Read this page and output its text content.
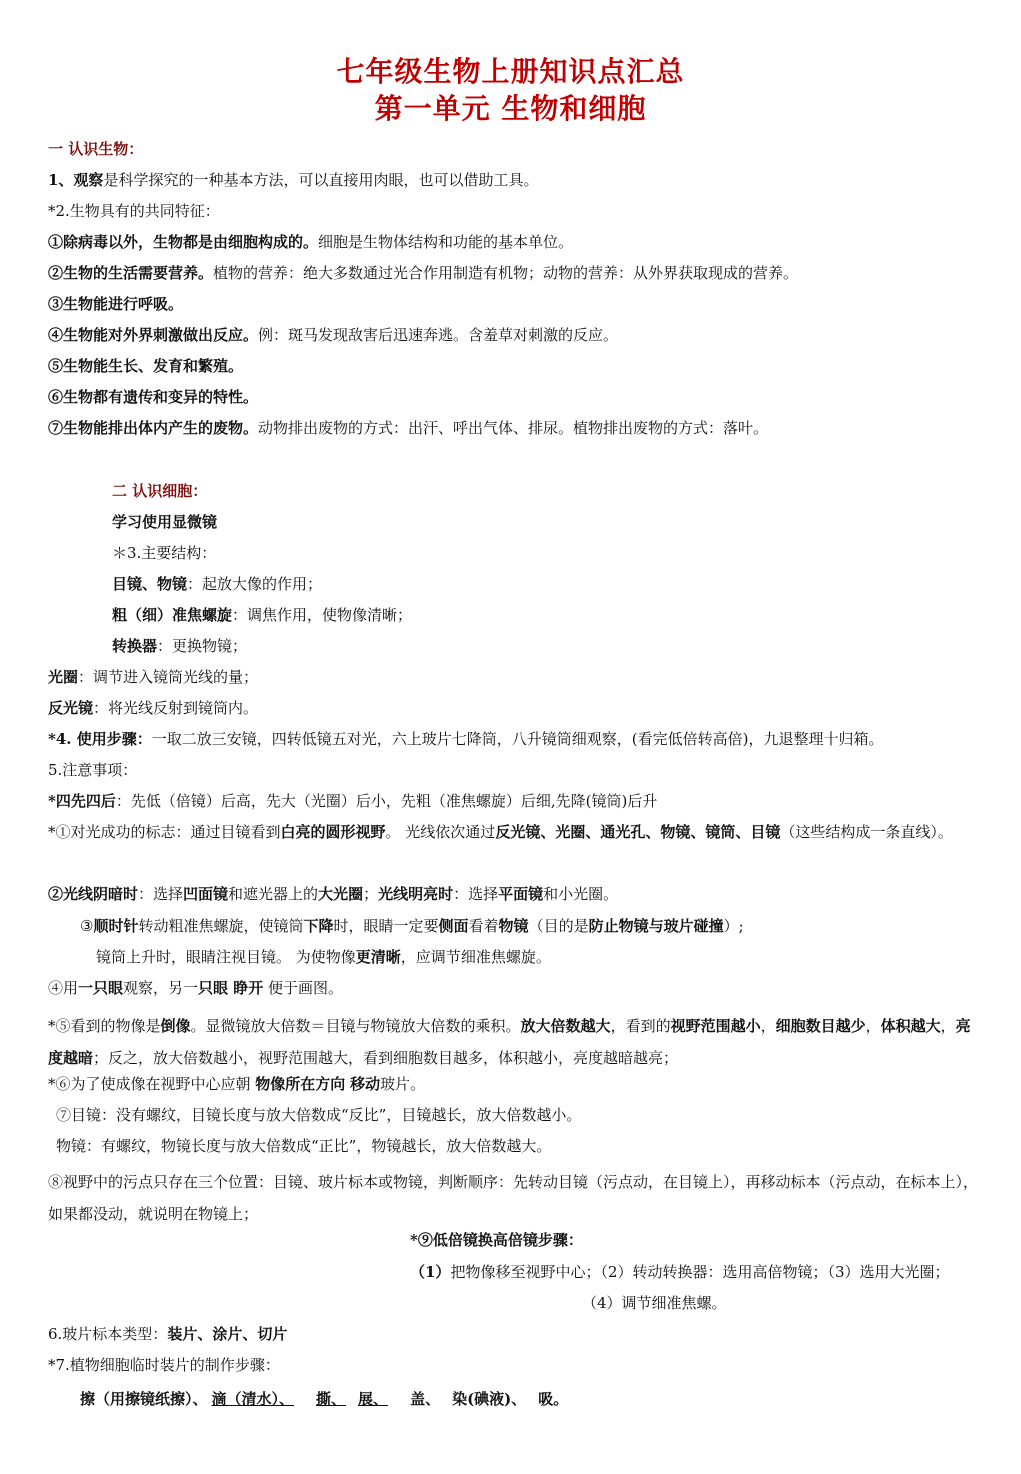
七年级生物上册知识点汇总
第一单元 生物和细胞
一 认识生物：
1、观察是科学探究的一种基本方法，可以直接用肉眼，也可以借助工具。
*2.生物具有的共同特征：
①除病毒以外，生物都是由细胞构成的。细胞是生物体结构和功能的基本单位。
②生物的生活需要营养。植物的营养：绝大多数通过光合作用制造有机物；动物的营养：从外界获取现成的营养。
③生物能进行呼吸。
④生物能对外界刺激做出反应。例：斑马发现敌害后迅速奔逃。含羞草对刺激的反应。
⑤生物能生长、发育和繁殖。
⑥生物都有遗传和变异的特性。
⑦生物能排出体内产生的废物。动物排出废物的方式：出汗、呼出气体、排尿。植物排出废物的方式：落叶。
二 认识细胞：
学习使用显微镜
＊3.主要结构：
目镜、物镜：起放大像的作用；
粗（细）准焦螺旋：调焦作用，使物像清晰；
转换器：更换物镜；
光圈：调节进入镜筒光线的量；
反光镜：将光线反射到镜筒内。
*4. 使用步骤：一取二放三安镜，四转低镜五对光，六上玻片七降筒，八升镜筒细观察，(看完低倍转高倍)，九退整理十归箱。
5.注意事项：
*四先四后：先低（倍镜）后高，先大（光圈）后小，先粗（准焦螺旋）后细,先降(镜筒)后升
*①对光成功的标志：通过目镜看到白亮的圆形视野。 光线依次通过反光镜、光圈、通光孔、物镜、镜筒、目镜（这些结构成一条直线）。
②光线阴暗时：选择凹面镜和遮光器上的大光圈；光线明亮时：选择平面镜和小光圈。
③顺时针转动粗准焦螺旋，使镜筒下降时，眼睛一定要侧面看着物镜（目的是防止物镜与玻片碰撞）;
镜筒上升时，眼睛注视目镜。 为使物像更清晰，应调节细准焦螺旋。
④用一只眼观察，另一只眼 睁开 便于画图。
*⑤看到的物像是倒像。显微镜放大倍数＝目镜与物镜放大倍数的乘积。放大倍数越大，看到的视野范围越小，细胞数目越少，体积越大，亮度越暗；反之，放大倍数越小，视野范围越大，看到细胞数目越多，体积越小，亮度越暗越亮；
*⑥为了使成像在视野中心应朝 物像所在方向 移动玻片。
⑦目镜：没有螺纹，目镜长度与放大倍数成“反比”，目镜越长，放大倍数越小。
物镜：有螺纹，物镜长度与放大倍数成“正比”，物镜越长，放大倍数越大。
⑧视野中的污点只存在三个位置：目镜、玻片标本或物镜，判断顺序：先转动目镜（污点动，在目镜上），再移动标本（污点动，在标本上），如果都没动，就说明在物镜上；
*⑨低倍镜换高倍镜步骤：
（1）把物像移至视野中心；（2）转动转换器：选用高倍物镜；（3）选用大光圈；
（4）调节细准焦螺。
6.玻片标本类型：装片、涂片、切片
*7.植物细胞临时装片的制作步骤：
擦（用擦镜纸擦）、 滴（清水）、 撕、 展、 盖、 染(碘液)、 吸。
